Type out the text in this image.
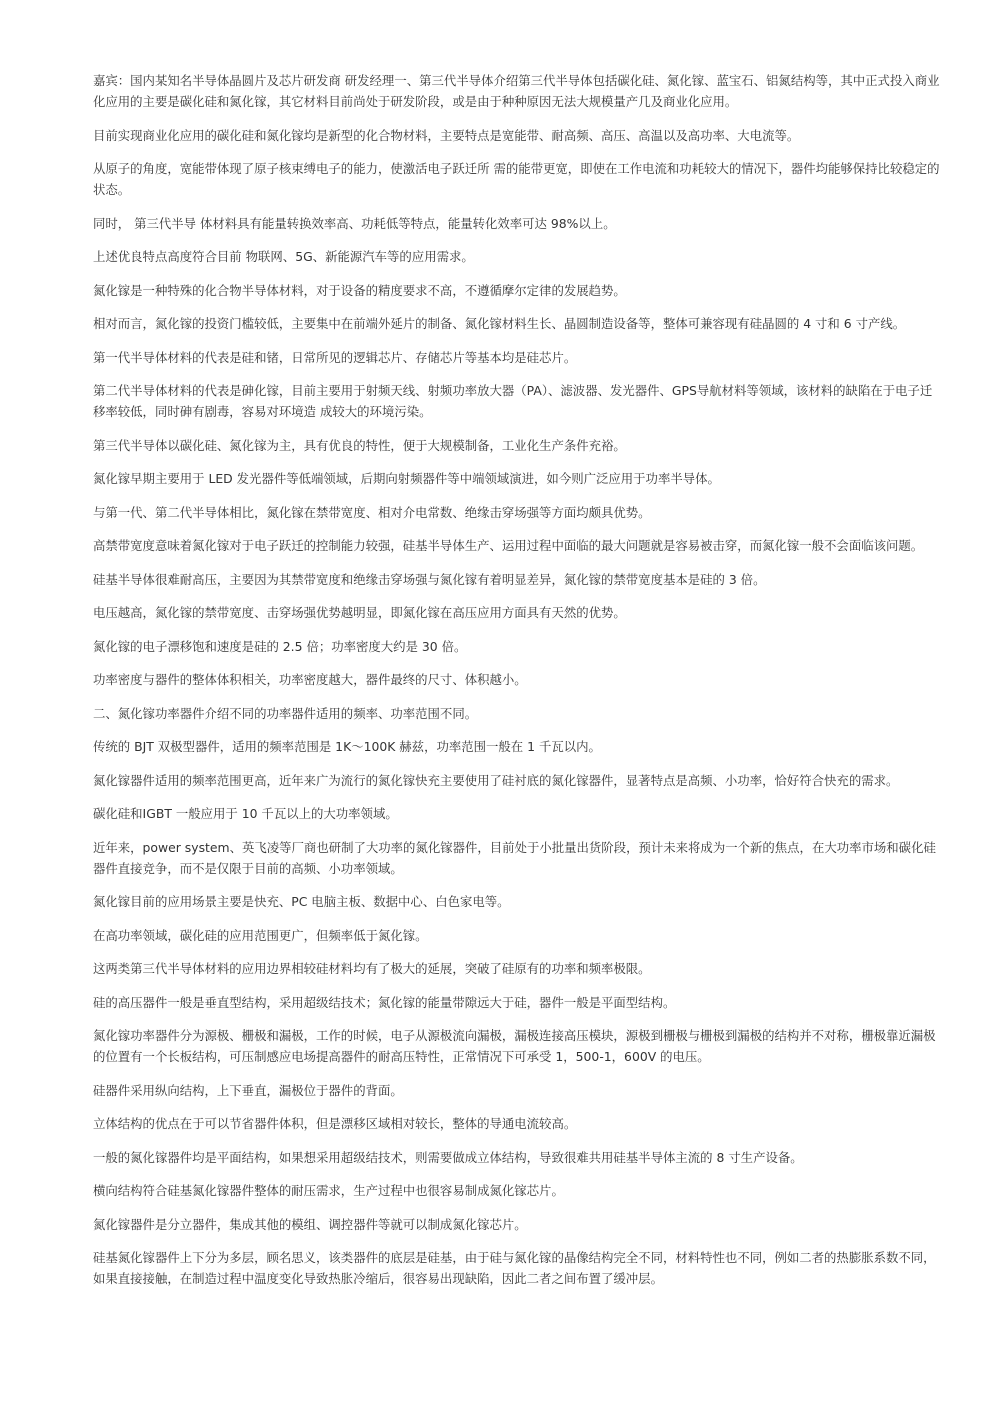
嘉宾：国内某知名半导体晶圆片及芯片研发商 研发经理一、第三代半导体介绍第三代半导体包括碳化硅、氮化镓、蓝宝石、铝氮结构等，其中正式投入商业化应用的主要是碳化硅和氮化镓，其它材料目前尚处于研发阶段，或是由于种种原因无法大规模量产几及商业化应用。

目前实现商业化应用的碳化硅和氮化镓均是新型的化合物材料，主要特点是宽能带、耐高频、高压、高温以及高功率、大电流等。

从原子的角度，宽能带体现了原子核束缚电子的能力，使激活电子跃迁所 需的能带更宽，即使在工作电流和功耗较大的情况下，器件均能够保持比较稳定的状态。

同时， 第三代半导 体材料具有能量转换效率高、功耗低等特点，能量转化效率可达 98%以上。

上述优良特点高度符合目前 物联网、5G、新能源汽车等的应用需求。

氮化镓是一种特殊的化合物半导体材料，对于设备的精度要求不高，不遵循摩尔定律的发展趋势。

相对而言，氮化镓的投资门槛较低，主要集中在前端外延片的制备、氮化镓材料生长、晶圆制造设备等，整体可兼容现有硅晶圆的 4 寸和 6 寸产线。

第一代半导体材料的代表是硅和锗，日常所见的逻辑芯片、存储芯片等基本均是硅芯片。

第二代半导体材料的代表是砷化镓，目前主要用于射频天线、射频功率放大器（PA）、滤波器、发光器件、GPS导航材料等领域，该材料的缺陷在于电子迁移率较低，同时砷有剧毒，容易对环境造 成较大的环境污染。

第三代半导体以碳化硅、氮化镓为主，具有优良的特性，便于大规模制备，工业化生产条件充裕。

氮化镓早期主要用于 LED 发光器件等低端领域，后期向射频器件等中端领域演进，如今则广泛应用于功率半导体。

与第一代、第二代半导体相比，氮化镓在禁带宽度、相对介电常数、绝缘击穿场强等方面均颇具优势。

高禁带宽度意味着氮化镓对于电子跃迁的控制能力较强，硅基半导体生产、运用过程中面临的最大问题就是容易被击穿，而氮化镓一般不会面临该问题。

硅基半导体很难耐高压，主要因为其禁带宽度和绝缘击穿场强与氮化镓有着明显差异，氮化镓的禁带宽度基本是硅的 3 倍。

电压越高，氮化镓的禁带宽度、击穿场强优势越明显，即氮化镓在高压应用方面具有天然的优势。

氮化镓的电子漂移饱和速度是硅的 2.5 倍；功率密度大约是 30 倍。

功率密度与器件的整体体积相关，功率密度越大，器件最终的尺寸、体积越小。

二、氮化镓功率器件介绍不同的功率器件适用的频率、功率范围不同。

传统的 BJT 双极型器件，适用的频率范围是 1K～100K 赫兹，功率范围一般在 1 千瓦以内。

氮化镓器件适用的频率范围更高，近年来广为流行的氮化镓快充主要使用了硅衬底的氮化镓器件，显著特点是高频、小功率，恰好符合快充的需求。

碳化硅和IGBT 一般应用于 10 千瓦以上的大功率领域。

近年来，power system、英飞凌等厂商也研制了大功率的氮化镓器件，目前处于小批量出货阶段，预计未来将成为一个新的焦点，在大功率市场和碳化硅器件直接竞争，而不是仅限于目前的高频、小功率领域。

氮化镓目前的应用场景主要是快充、PC 电脑主板、数据中心、白色家电等。

在高功率领域，碳化硅的应用范围更广，但频率低于氮化镓。

这两类第三代半导体材料的应用边界相较硅材料均有了极大的延展，突破了硅原有的功率和频率极限。

硅的高压器件一般是垂直型结构，采用超级结技术；氮化镓的能量带隙远大于硅，器件一般是平面型结构。

氮化镓功率器件分为源极、栅极和漏极，工作的时候，电子从源极流向漏极，漏极连接高压模块，源极到栅极与栅极到漏极的结构并不对称，栅极靠近漏极的位置有一个长板结构，可压制感应电场提高器件的耐高压特性，正常情况下可承受 1，500-1，600V 的电压。

硅器件采用纵向结构，上下垂直，漏极位于器件的背面。

立体结构的优点在于可以节省器件体积，但是漂移区域相对较长，整体的导通电流较高。

一般的氮化镓器件均是平面结构，如果想采用超级结技术，则需要做成立体结构，导致很难共用硅基半导体主流的 8 寸生产设备。

横向结构符合硅基氮化镓器件整体的耐压需求，生产过程中也很容易制成氮化镓芯片。

氮化镓器件是分立器件，集成其他的模组、调控器件等就可以制成氮化镓芯片。

硅基氮化镓器件上下分为多层，顾名思义，该类器件的底层是硅基，由于硅与氮化镓的晶像结构完全不同，材料特性也不同，例如二者的热膨胀系数不同，如果直接接触，在制造过程中温度变化导致热胀冷缩后，很容易出现缺陷，因此二者之间布置了缓冲层。
